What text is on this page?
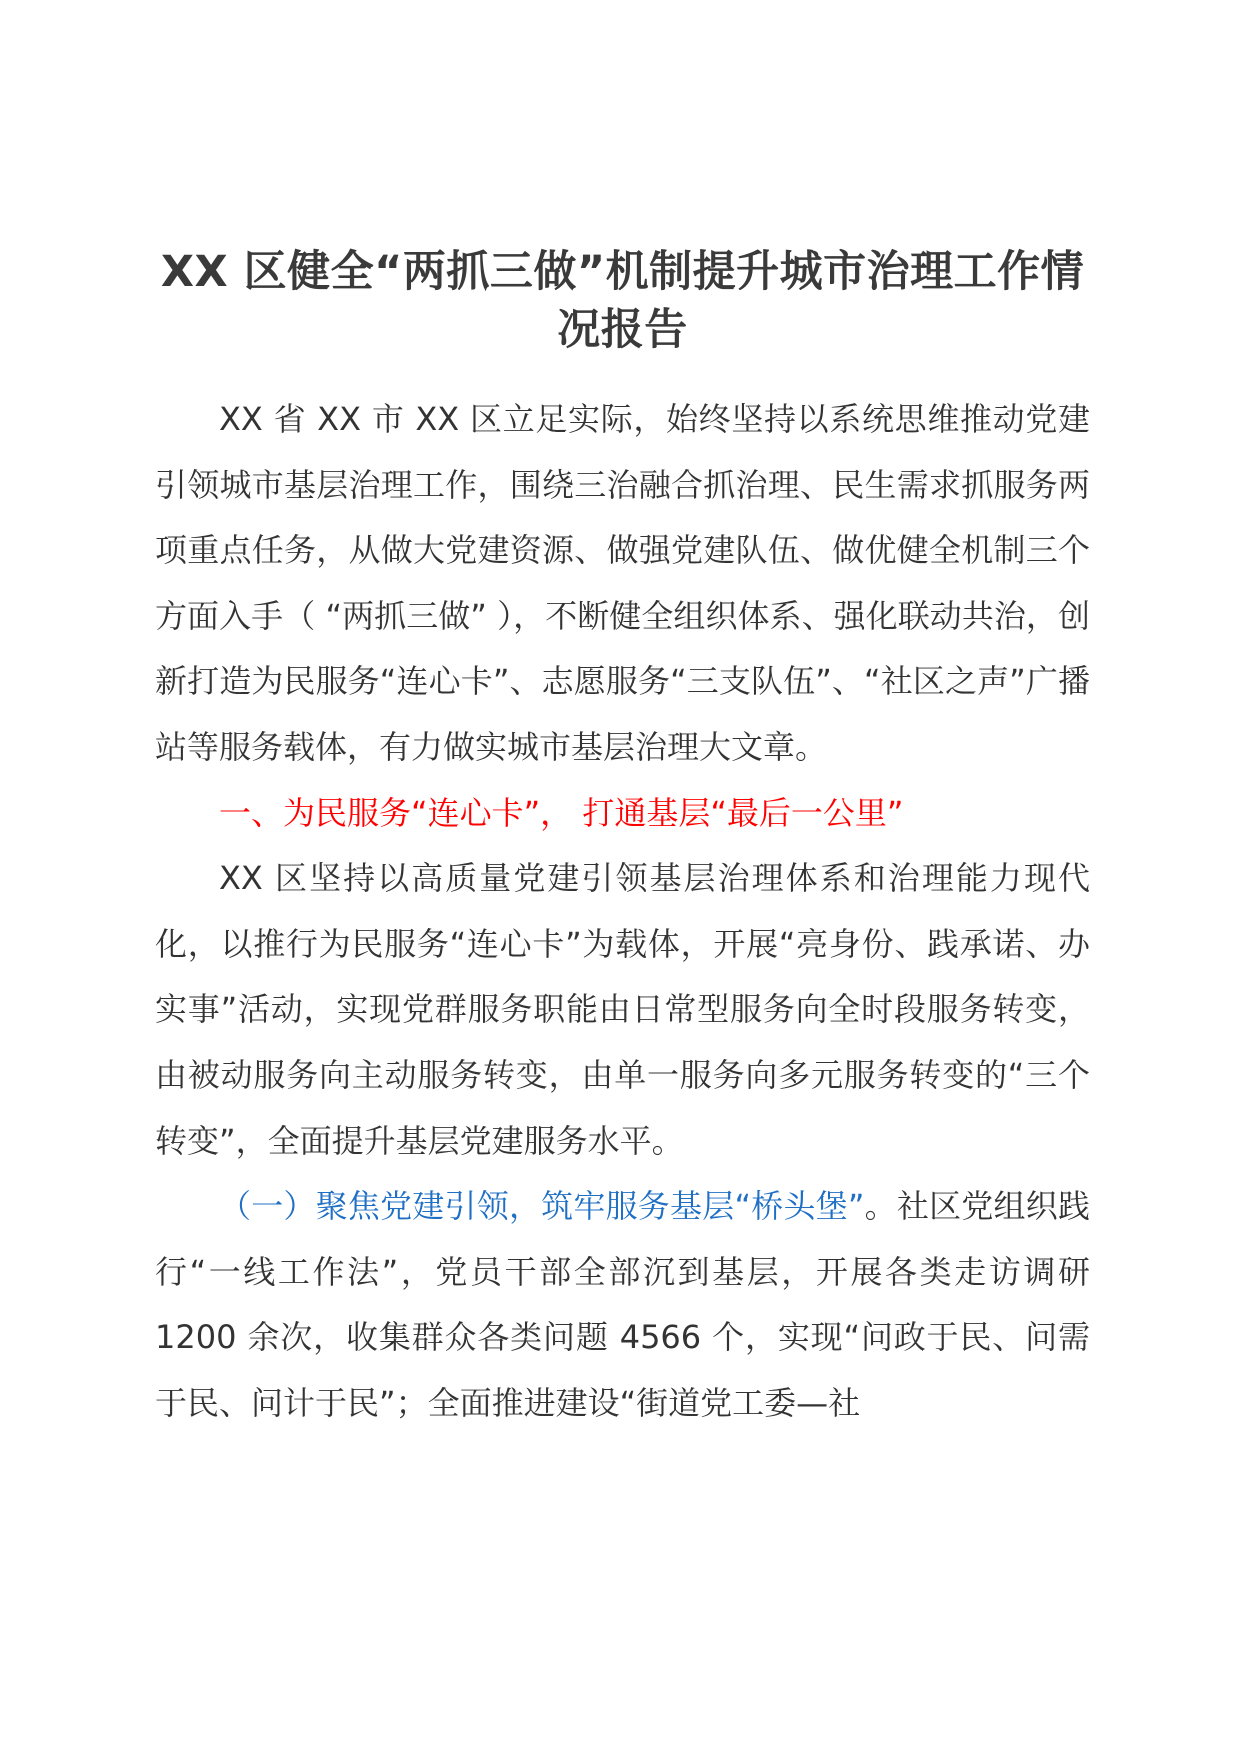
XX 区健全“两抓三做”机制提升城市治理工作情况报告

XX 省 XX 市 XX 区立足实际，始终坚持以系统思维推动党建引领城市基层治理工作，围绕三治融合抓治理、民生需求抓服务两项重点任务，从做大党建资源、做强党建队伍、做优健全机制三个方面入手（ “两抓三做” ），不断健全组织体系、强化联动共治，创新打造为民服务“连心卡”、志愿服务“三支队伍”、“社区之声”广播站等服务载体，有力做实城市基层治理大文章。

一、为民服务“连心卡”， 打通基层“最后一公里”

XX 区坚持以高质量党建引领基层治理体系和治理能力现代化，以推行为民服务“连心卡”为载体，开展“亮身份、践承诺、办实事”活动，实现党群服务职能由日常型服务向全时段服务转变，由被动服务向主动服务转变，由单一服务向多元服务转变的“三个转变”，全面提升基层党建服务水平。

（一）聚焦党建引领，筑牢服务基层“桥头堡”。社区党组织践行“一线工作法”，党员干部全部沉到基层，开展各类走访调研 1200 余次，收集群众各类问题 4566 个，实现“问政于民、问需于民、问计于民”；全面推进建设“街道党工委—社
